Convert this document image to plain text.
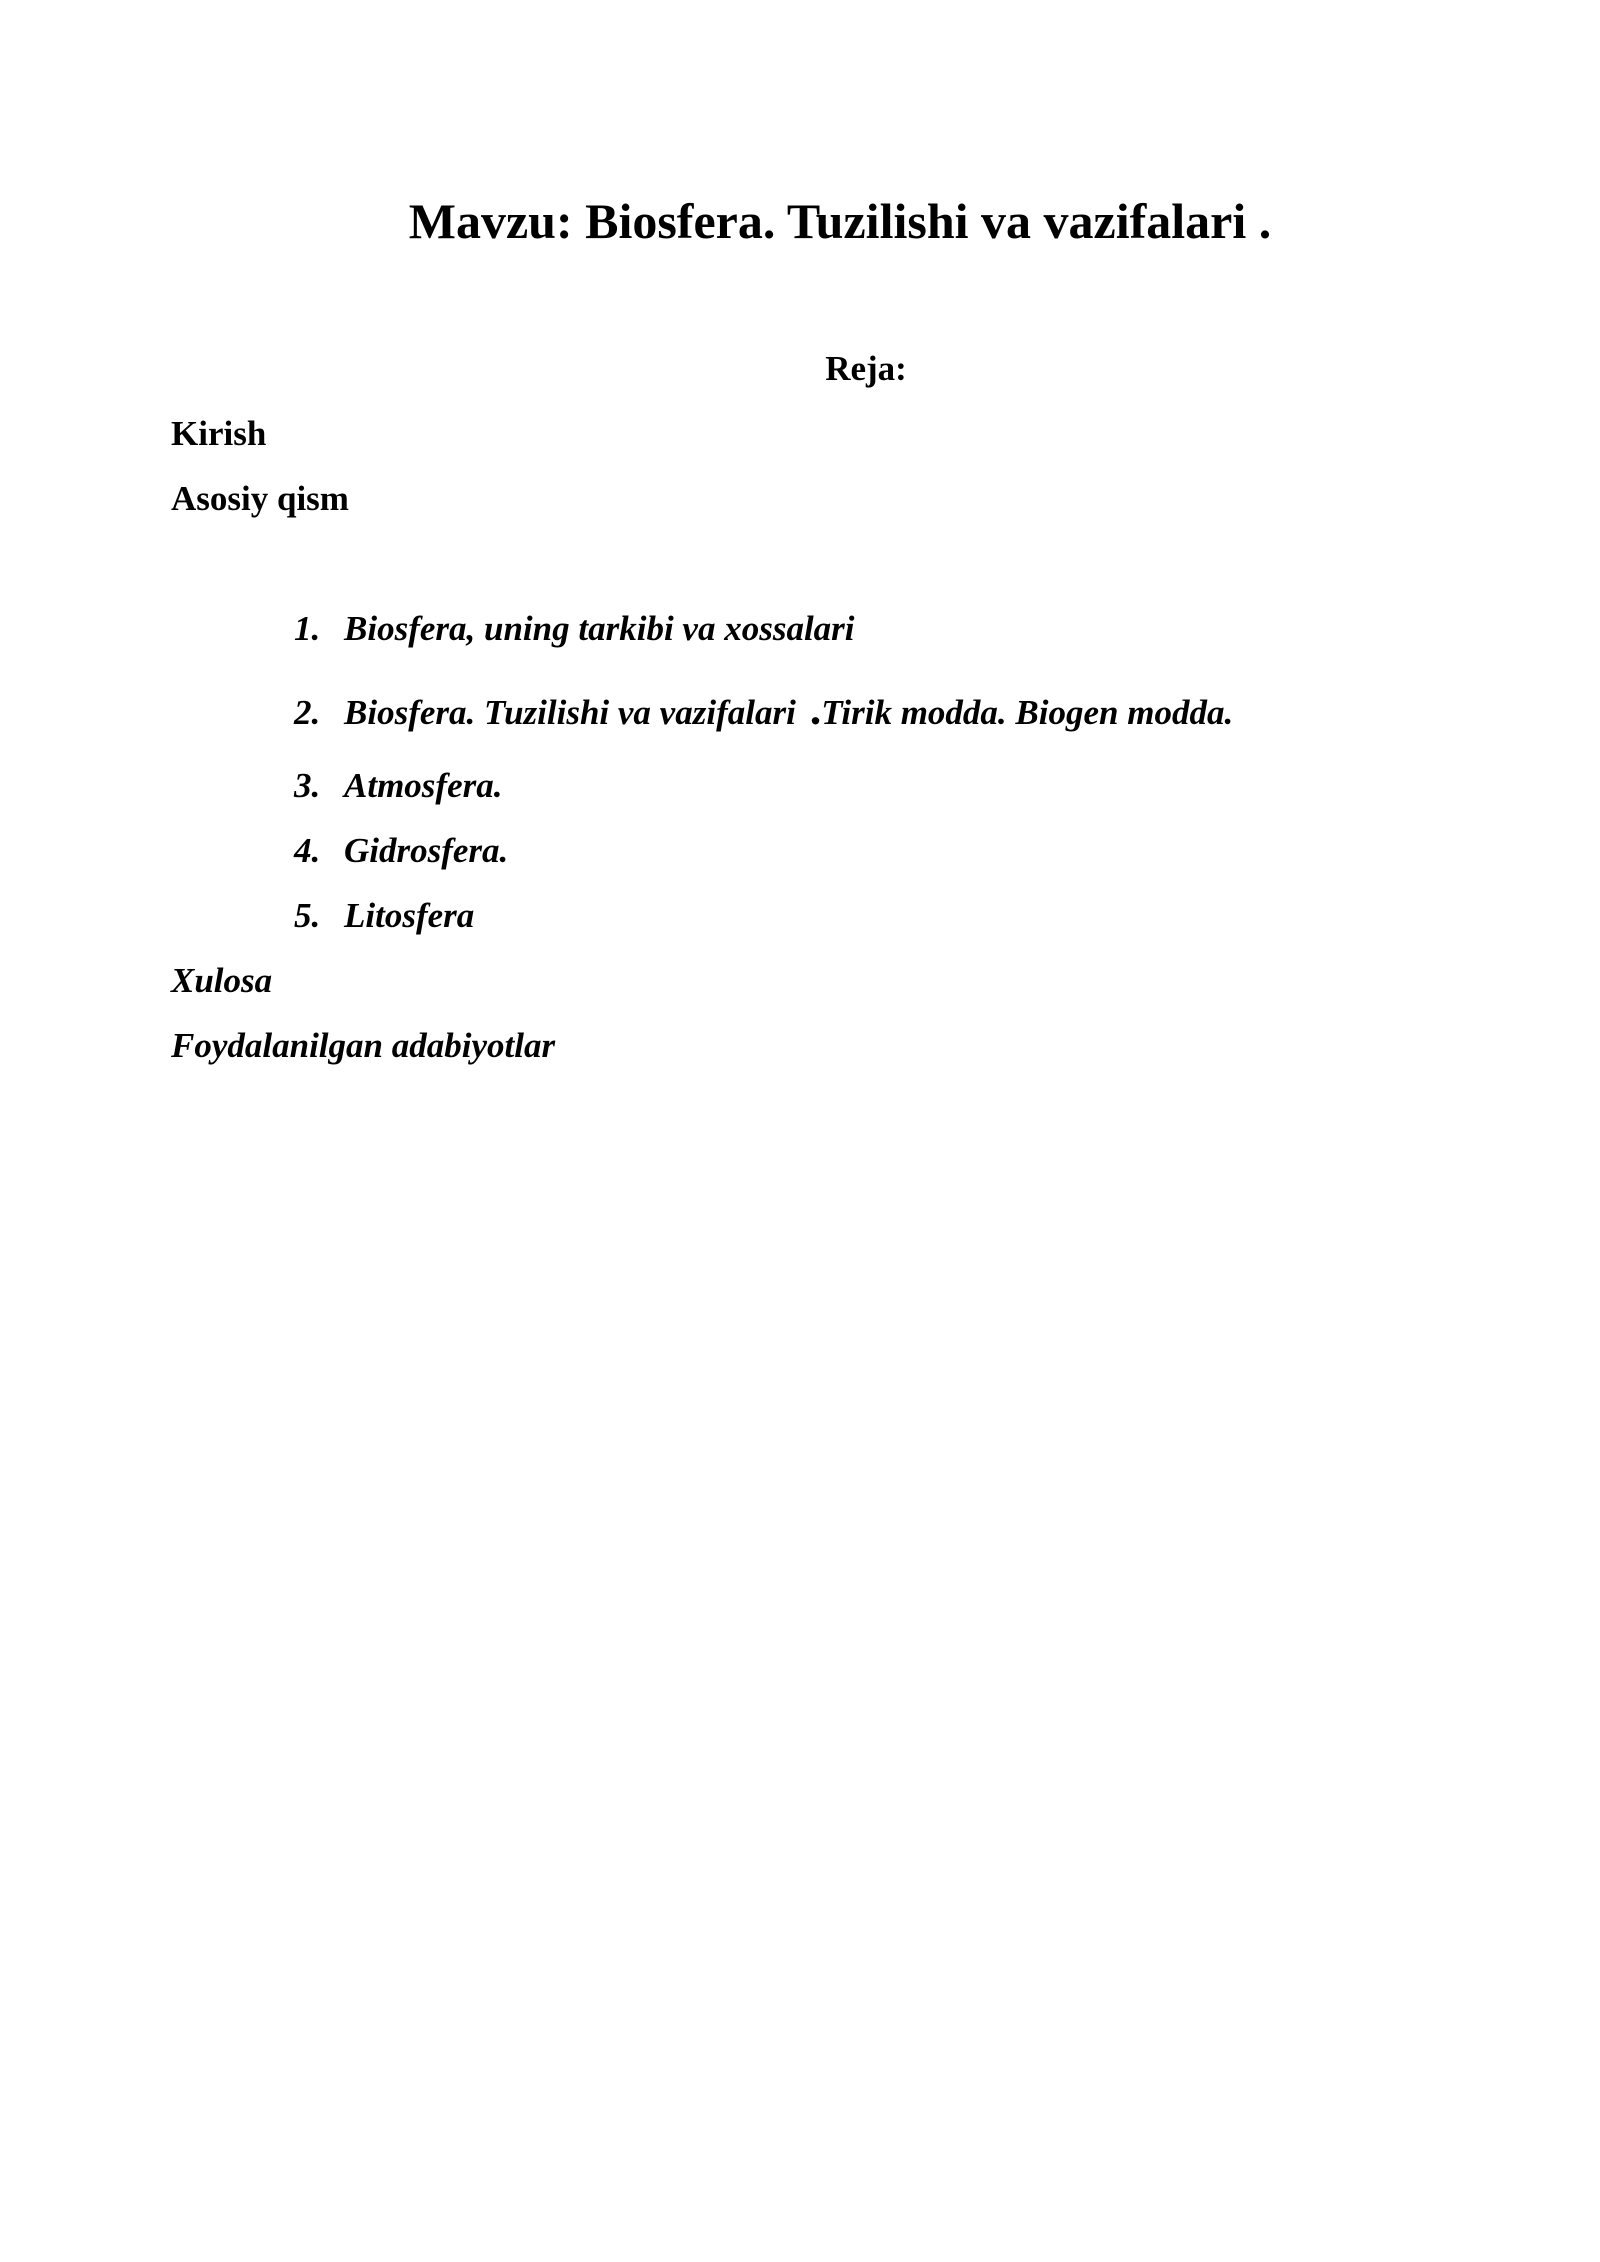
Mavzu: Biosfera. Tuzilishi va vazifalari .
Reja:
Kirish
Asosiy qism
1. Biosfera, uning tarkibi va xossalari
2. Biosfera. Tuzilishi va vazifalari .Tirik modda. Biogen modda.
3. Atmosfera.
4. Gidrosfera.
5. Litosfera
Xulosa
Foydalanilgan adabiyotlar
